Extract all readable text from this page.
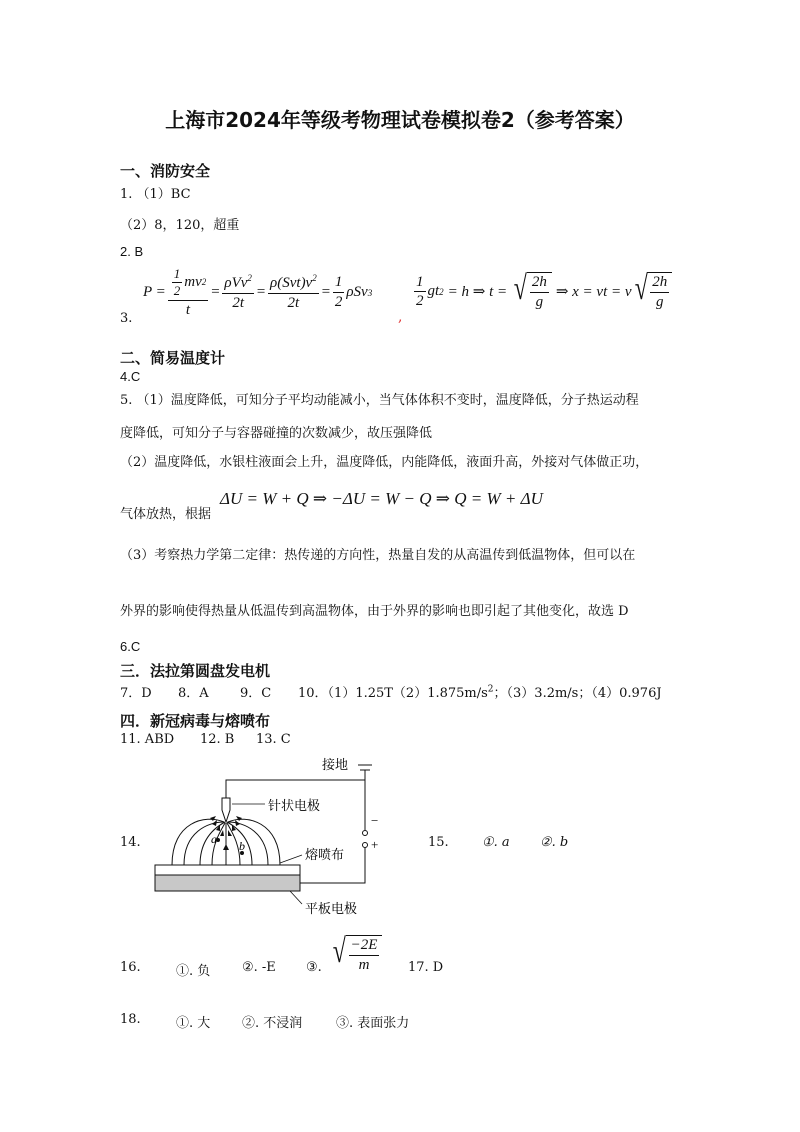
上海市2024年等级考物理试卷模拟卷2（参考答案）
一、消防安全
1. （1）BC
（2）8，120，超重
2. B
3.
$P = \frac{\frac{1}{2} mv 2}{t} = \frac{\rho Vv^2}{2t} = \frac{\rho(Svt)v^2}{2t} = \frac{1}{2}$ ρSv 3
,
$\frac{1}{2}$ gt 2 = h ⇒ t = √ $\frac{2h}{g}$ ⇒ x = vt = v √ $\frac{2h}{g}$
二、简易温度计
4.C
5. （1）温度降低，可知分子平均动能减小，当气体体积不变时，温度降低，分子热运动程
度降低，可知分子与容器碰撞的次数减少，故压强降低
（2）温度降低，水银柱液面会上升，温度降低，内能降低，液面升高，外接对气体做正功，
气体放热，根据
ΔU = W + Q ⇒ −ΔU = W − Q ⇒ Q = W + ΔU
（3）考察热力学第二定律：热传递的方向性，热量自发的从高温传到低温物体，但可以在
外界的影响使得热量从低温传到高温物体，由于外界的影响也即引起了其他变化，故选 D
6.C
三．法拉第圆盘发电机
7．D 8．A 9．C 10．$(1)1.25T(2)1.875m/s^2$；（3）3.2m/s；（4）0.976J
四．新冠病毒与熔喷布
11. ABD 12. B 13. C
14.
接地
针状电极
熔喷布
平板电极
a b
−
+	15.	①. a ②. b
16.	①. 负 ②. -E ③. √ $\frac{-2E}{m} 17$. D
18.	①. 大 ②. 不浸润	③. 表面张力
